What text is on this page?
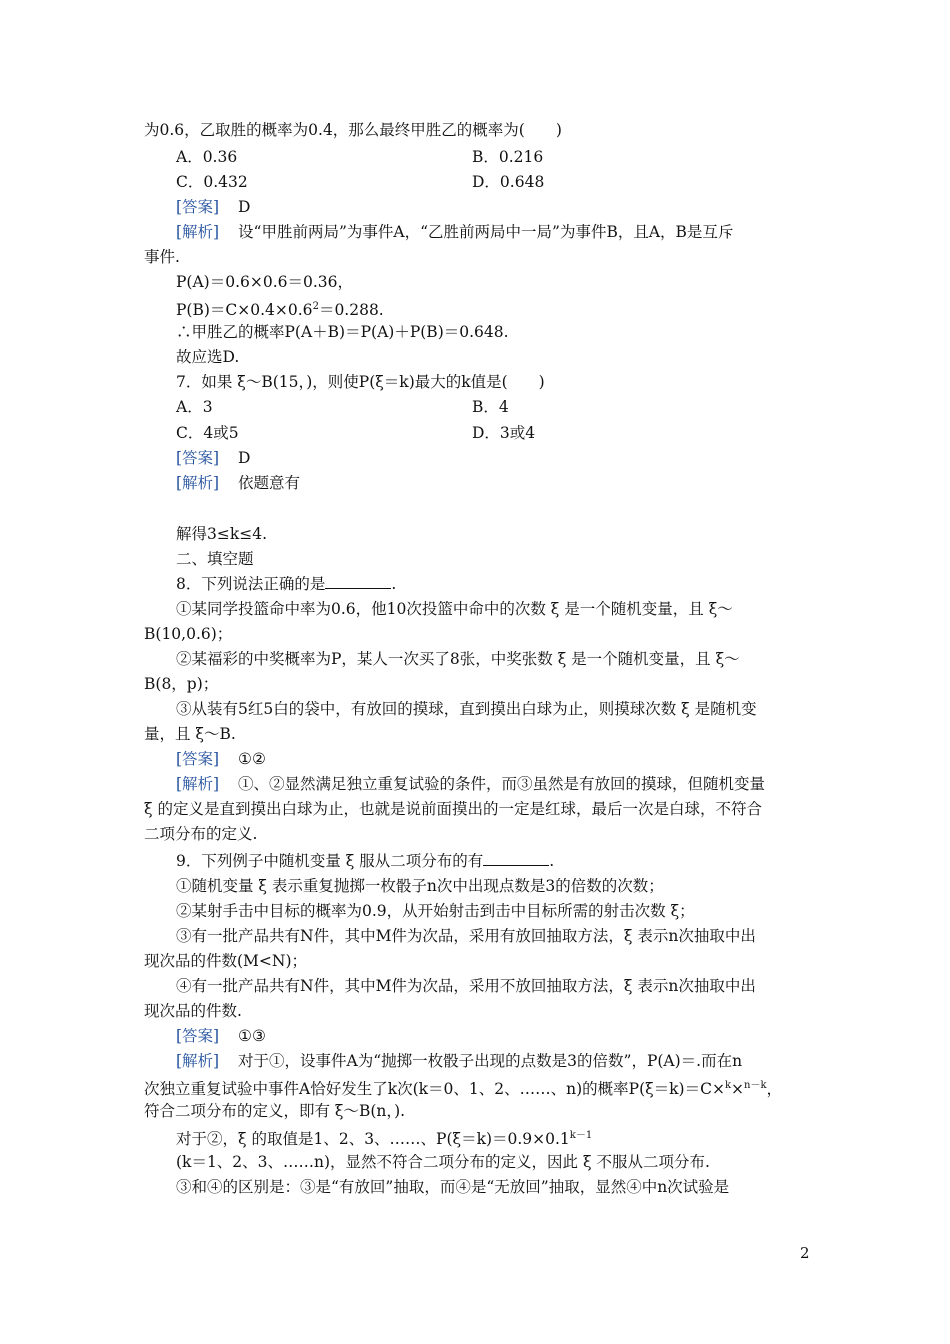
为0.6，乙取胜的概率为0.4，那么最终甲胜乙的概率为(　　)
A．0.36	B．0.216
C．0.432	D．0.648
[答案] D
[解析] 设“甲胜前两局”为事件A，“乙胜前两局中一局”为事件B，且A，B是互斥
事件.
P(A)＝0.6×0.6＝0.36，
$P(B)=C\times 0.4\times 0.6^2=0.288$.
∴甲胜乙的概率P(A＋B)＝P(A)＋P(B)＝0.648.
故应选D.
7．如果 ξ～B(15，)，则使P(ξ＝k)最大的k值是(　　)
A．3	B．4
C．4或5	D．3或4
[答案] D
[解析] 依题意有
解得3≤k≤4.
二、填空题
8．下列说法正确的是	.
①某同学投篮命中率为0.6，他10次投篮中命中的次数 ξ 是一个随机变量，且 ξ～
B(10,0.6)；
②某福彩的中奖概率为P，某人一次买了8张，中奖张数 ξ 是一个随机变量，且 ξ～
B(8，p)；
③从装有5红5白的袋中，有放回的摸球，直到摸出白球为止，则摸球次数 ξ 是随机变
量，且 ξ～B.
[答案] ①②
[解析] ①、②显然满足独立重复试验的条件，而③虽然是有放回的摸球，但随机变量
ξ 的定义是直到摸出白球为止，也就是说前面摸出的一定是红球，最后一次是白球，不符合
二项分布的定义.
9．下列例子中随机变量 ξ 服从二项分布的有	.
①随机变量 ξ 表示重复抛掷一枚骰子n次中出现点数是3的倍数的次数；
②某射手击中目标的概率为0.9，从开始射击到击中目标所需的射击次数 ξ；
③有一批产品共有N件，其中M件为次品，采用有放回抽取方法，ξ 表示n次抽取中出
现次品的件数(M<N)；
④有一批产品共有N件，其中M件为次品，采用不放回抽取方法，ξ 表示n次抽取中出
现次品的件数.
[答案] ①③
[解析] 对于①，设事件A为“抛掷一枚骰子出现的点数是3的倍数”，P(A)＝.而在n
次独立重复试验中事件A恰好发生了k次(k＝0、1、2、……、n)的概率P(ξ＝k)＝C×$^k$×$^{n-k}$，
符合二项分布的定义，即有 ξ～B(n，).
对于②，ξ 的取值是1、2、3、……、$P(\xi=k)=0.9\times 0.1^{k-1}$
(k＝1、2、3、……n)，显然不符合二项分布的定义，因此 ξ 不服从二项分布.
③和④的区别是：③是“有放回”抽取，而④是“无放回”抽取，显然④中n次试验是
2
